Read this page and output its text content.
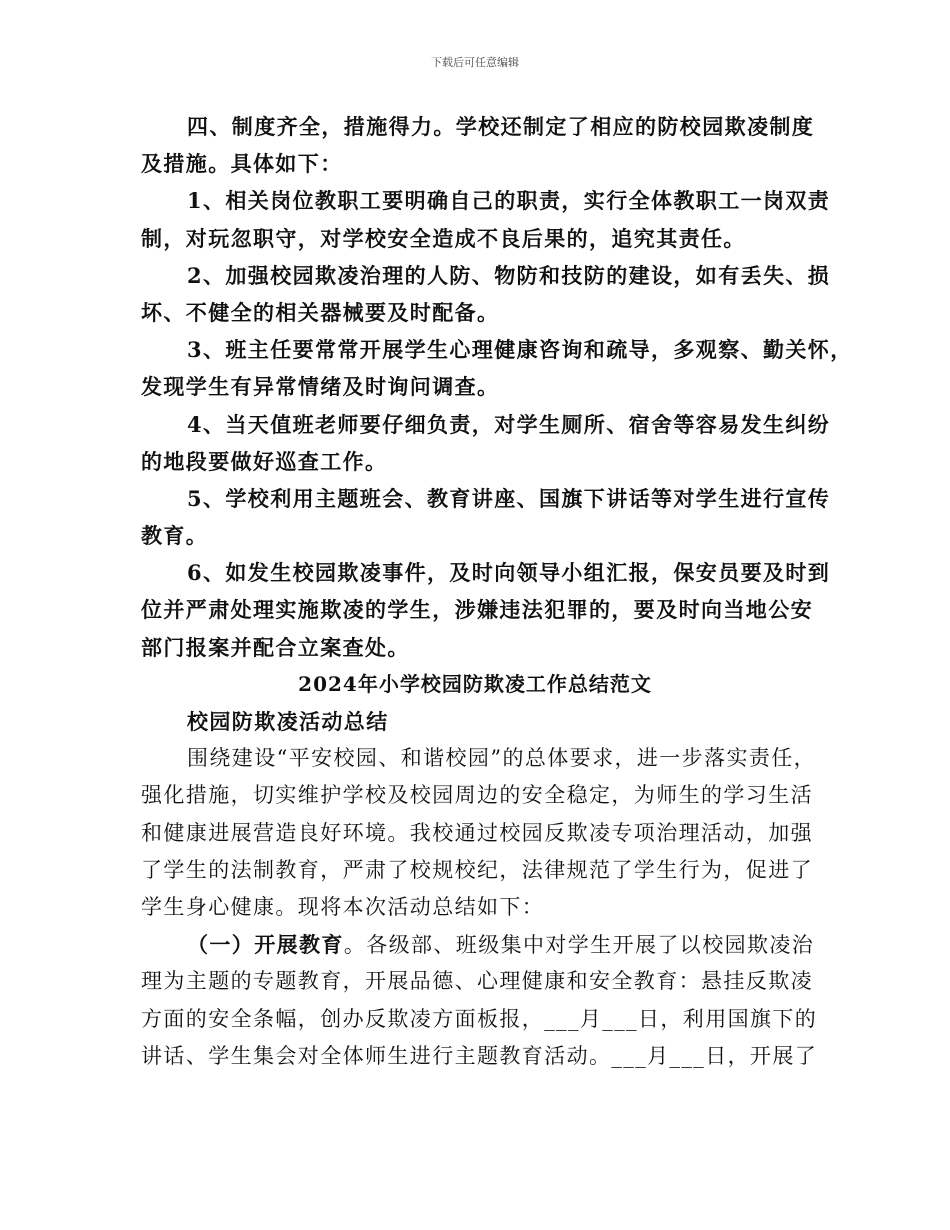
下载后可任意编辑
四、制度齐全，措施得力。学校还制定了相应的防校园欺凌制度
及措施。具体如下：
1、相关岗位教职工要明确自己的职责，实行全体教职工一岗双责
制，对玩忽职守，对学校安全造成不良后果的，追究其责任。
2、加强校园欺凌治理的人防、物防和技防的建设，如有丢失、损
坏、不健全的相关器械要及时配备。
3、班主任要常常开展学生心理健康咨询和疏导，多观察、勤关怀，
发现学生有异常情绪及时询问调查。
4、当天值班老师要仔细负责，对学生厕所、宿舍等容易发生纠纷
的地段要做好巡查工作。
5、学校利用主题班会、教育讲座、国旗下讲话等对学生进行宣传
教育。
6、如发生校园欺凌事件，及时向领导小组汇报，保安员要及时到
位并严肃处理实施欺凌的学生，涉嫌违法犯罪的，要及时向当地公安
部门报案并配合立案查处。
2024年小学校园防欺凌工作总结范文
校园防欺凌活动总结
围绕建设“平安校园、和谐校园”的总体要求，进一步落实责任，
强化措施，切实维护学校及校园周边的安全稳定，为师生的学习生活
和健康进展营造良好环境。我校通过校园反欺凌专项治理活动，加强
了学生的法制教育，严肃了校规校纪，法律规范了学生行为，促进了
学生身心健康。现将本次活动总结如下：
（一）开展教育。各级部、班级集中对学生开展了以校园欺凌治
理为主题的专题教育，开展品德、心理健康和安全教育：悬挂反欺凌
方面的安全条幅，创办反欺凌方面板报，___月___日，利用国旗下的
讲话、学生集会对全体师生进行主题教育活动。___月___日，开展了
